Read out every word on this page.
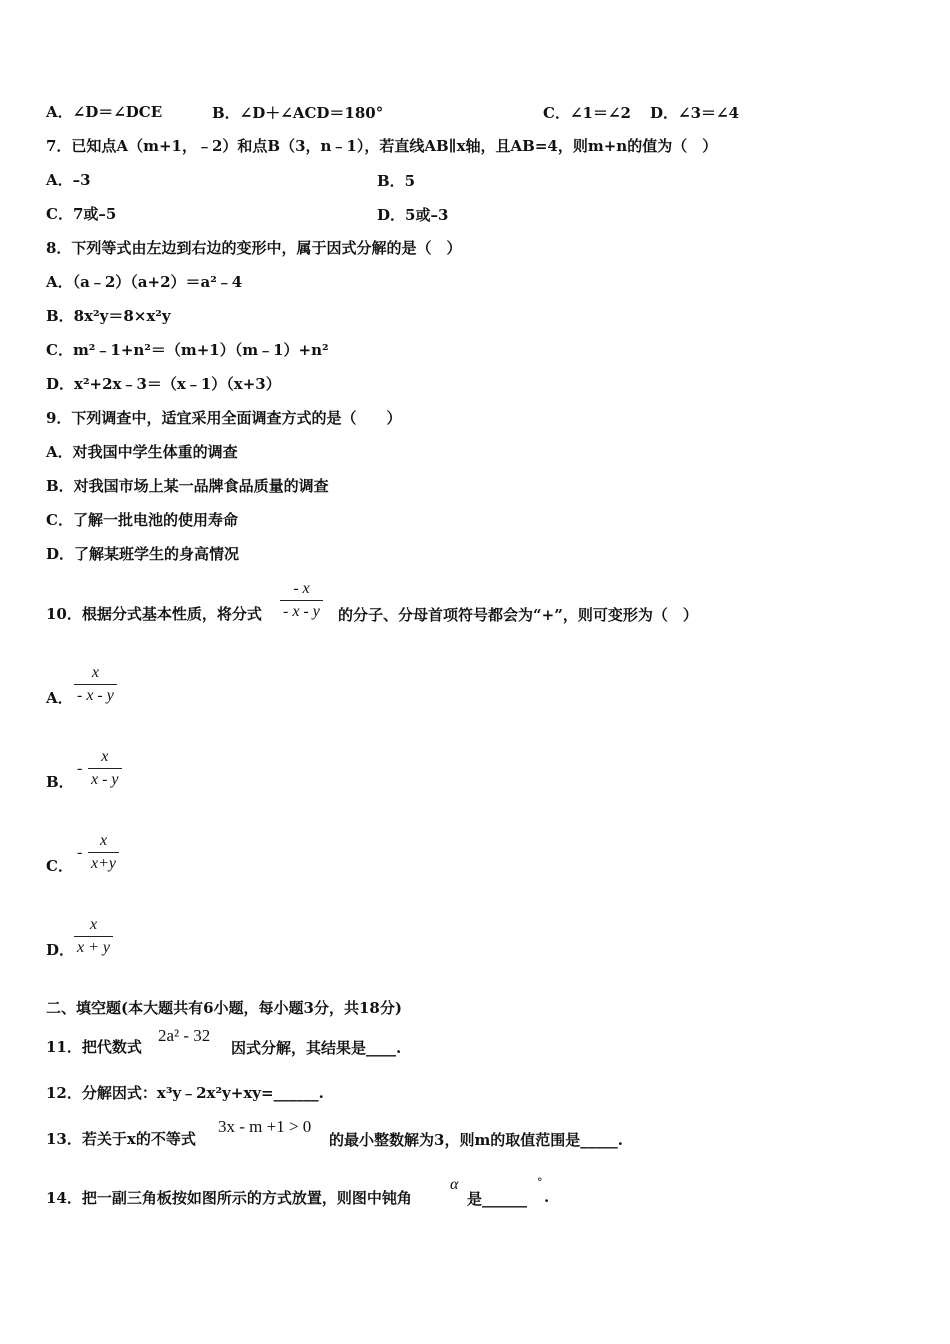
A．∠D＝∠DCE	B．∠D＋∠ACD＝180°	C．∠1＝∠2 D．∠3＝∠4
7．已知点A（m+1，﹣2）和点B（3，n﹣1），若直线AB∥x轴，且AB=4，则m+n的值为（　）
A．–3	B．5
C．7或–5	D．5或–3
8．下列等式由左边到右边的变形中，属于因式分解的是（　）
A．（a﹣2）（a+2）＝a²﹣4
B．8x²y＝8×x²y
C．m²﹣1+n²＝（m+1）（m﹣1）+n²
D．x²+2x﹣3＝（x﹣1）（x+3）
9．下列调查中，适宜采用全面调查方式的是（　　）
A．对我国中学生体重的调查
B．对我国市场上某一品牌食品质量的调查
C．了解一批电池的使用寿命
D．了解某班学生的身高情况
10．根据分式基本性质，将分式
- x
- x - y 的分子、分母首项符号都会为“+”，则可变形为（　）
A．
x
- x - y
B．
-
x
x - y
C．
-
x
x+y
D．
x
x + y
二、填空题(本大题共有6小题，每小题3分，共18分)
11．把代数式
2a² - 32
因式分解，其结果是____.
12．分解因式：x³y﹣2x²y+xy=______.
13．若关于x的不等式
3x - m +1 > 0
的最小整数解为3，则m的取值范围是_____.
14．把一副三角板按如图所示的方式放置，则图中钝角
α
是______
°
.
